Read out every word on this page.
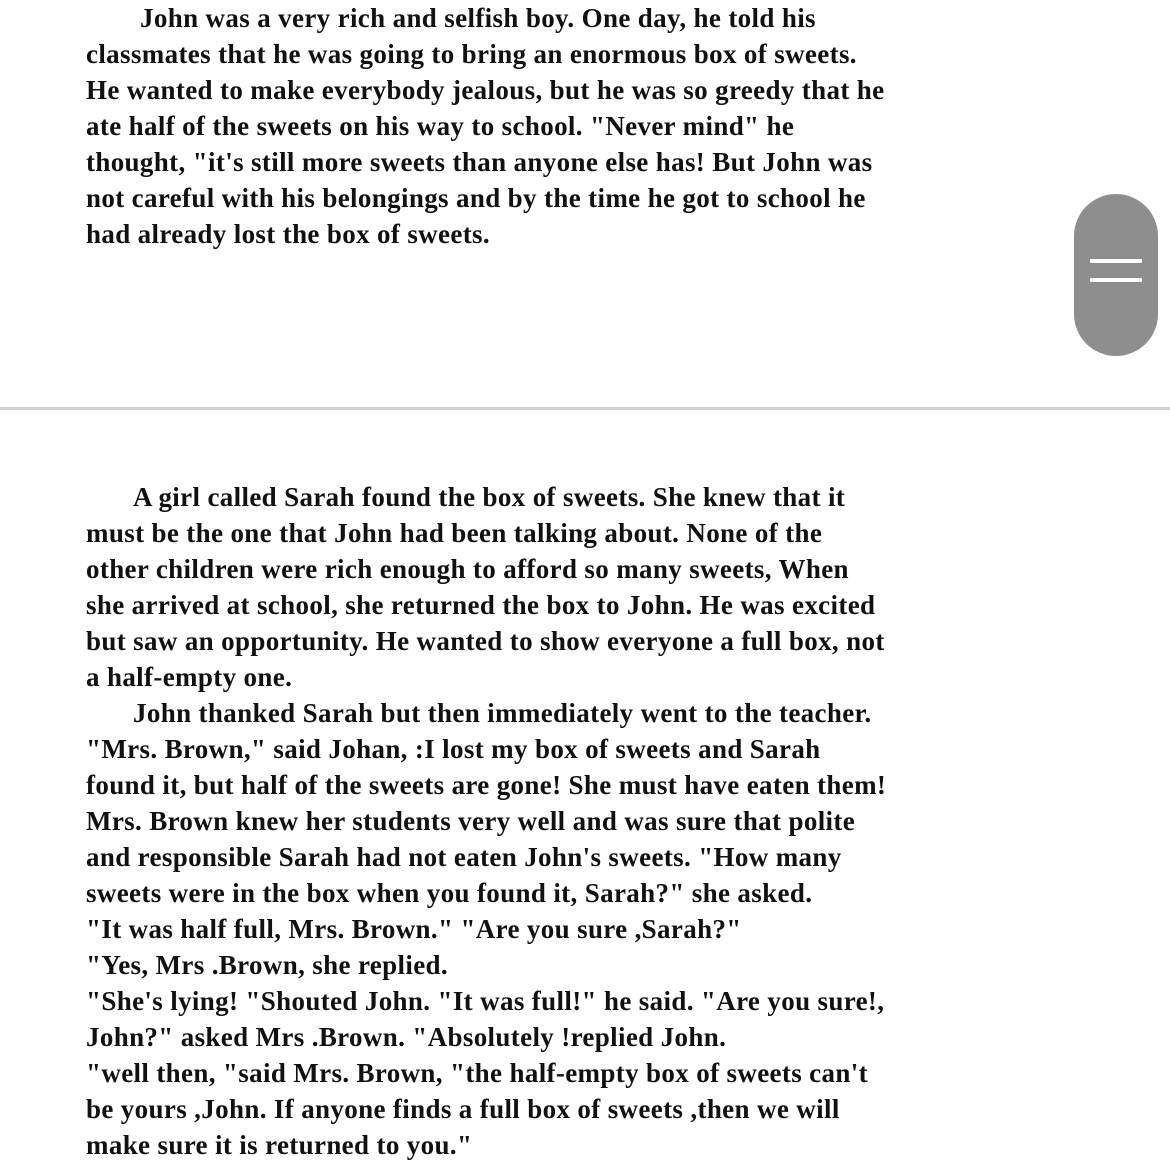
John was a very rich and selfish boy. One day, he told his
classmates that he was going to bring an enormous box of sweets.
He wanted to make everybody jealous, but he was so greedy that he
ate half of the sweets on his way to school. "Never mind" he
thought, "it's still more sweets than anyone else has! But John was
not careful with his belongings and by the time he got to school he
had already lost the box of sweets.
A girl called Sarah found the box of sweets. She knew that it
must be the one that John had been talking about. None of the
other children were rich enough to afford so many sweets, When
she arrived at school, she returned the box to John. He was excited
but saw an opportunity. He wanted to show everyone a full box, not
a half-empty one.
John thanked Sarah but then immediately went to the teacher.
"Mrs. Brown," said Johan, :I lost my box of sweets and Sarah
found it, but half of the sweets are gone! She must have eaten them!
Mrs. Brown knew her students very well and was sure that polite
and responsible Sarah had not eaten John's sweets. "How many
sweets were in the box when you found it, Sarah?" she asked.
"It was half full, Mrs. Brown." "Are you sure ,Sarah?"
"Yes, Mrs .Brown, she replied.
"She's lying! "Shouted John. "It was full!" he said. "Are you sure!,
John?" asked Mrs .Brown. "Absolutely !replied John.
"well then, "said Mrs. Brown, "the half-empty box of sweets can't
be yours ,John. If anyone finds a full box of sweets ,then we will
make sure it is returned to you."
